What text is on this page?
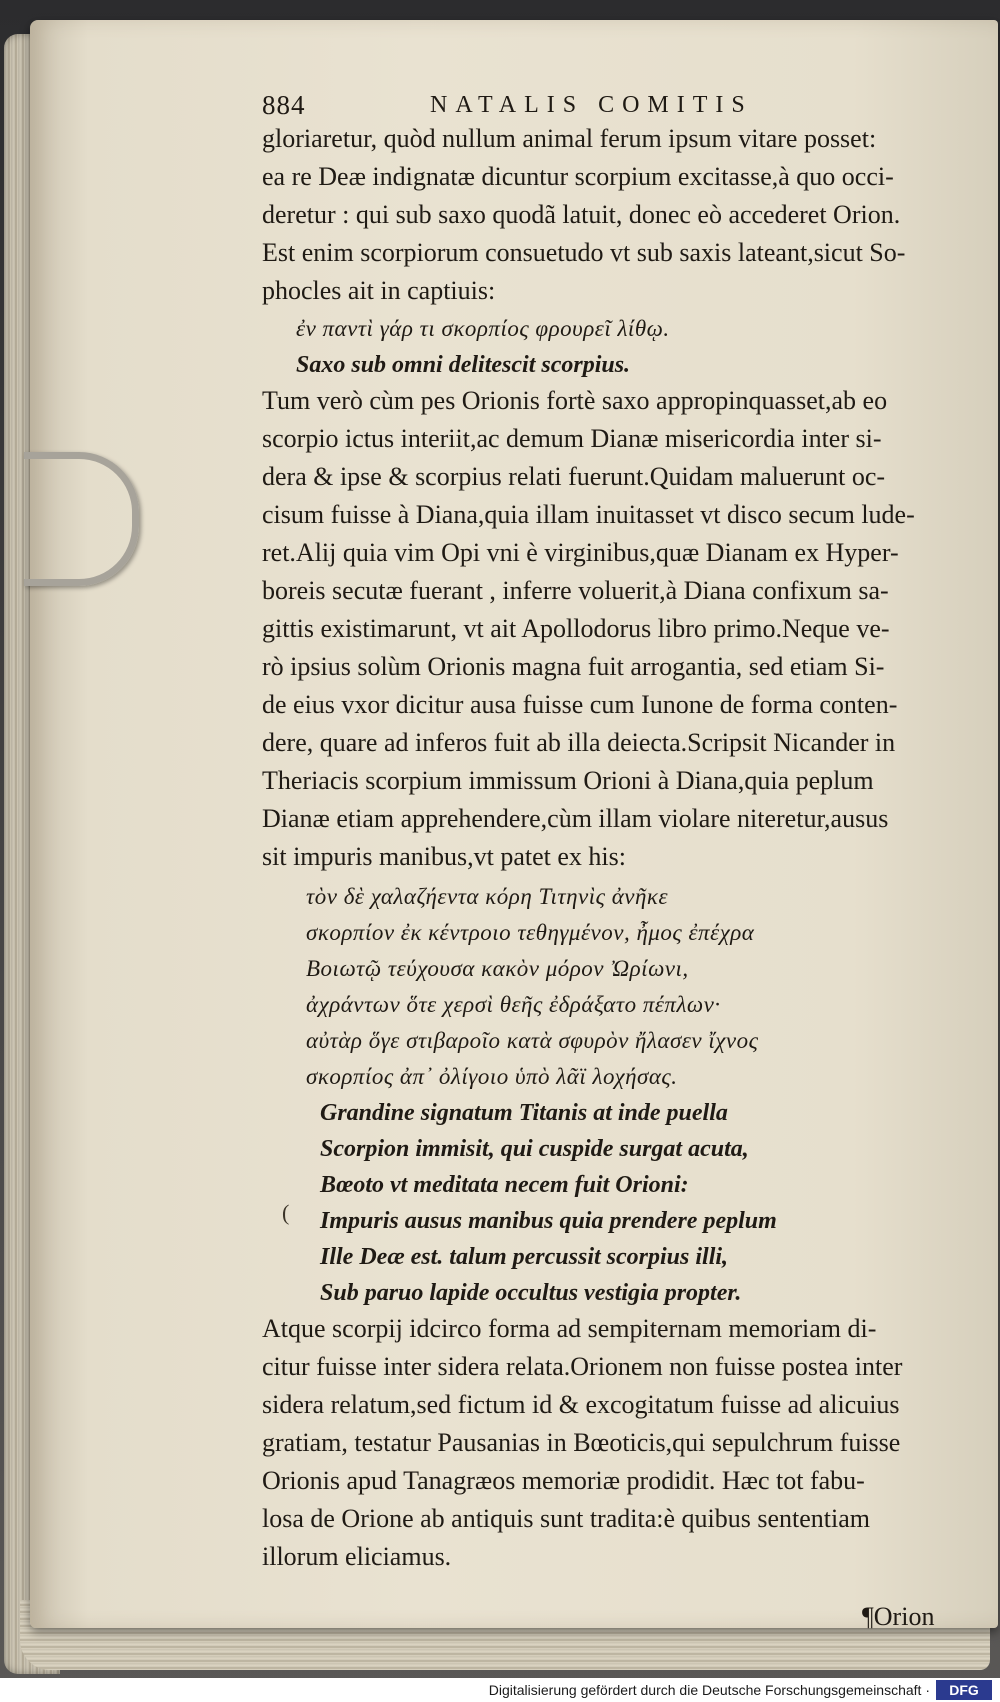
884	NATALIS COMITIS
gloriaretur, quòd nullum animal ferum ipsum vitare posset:
ea re Deæ indignatæ dicuntur scorpium excitasse,à quo occi-
deretur : qui sub saxo quodã latuit, donec eò accederet Orion.
Est enim scorpiorum consuetudo vt sub saxis lateant,sicut So-
phocles ait in captiuis:
ἐν παντὶ γάρ τι σκορπίος φρουρεῖ λίθῳ.
Saxo sub omni delitescit scorpius.
Tum verò cùm pes Orionis fortè saxo appropinquasset,ab eo
scorpio ictus interiit,ac demum Dianæ misericordia inter si-
dera & ipse & scorpius relati fuerunt.Quidam maluerunt oc-
cisum fuisse à Diana,quia illam inuitasset vt disco secum lude-
ret.Alij quia vim Opi vni è virginibus,quæ Dianam ex Hyper-
boreis secutæ fuerant , inferre voluerit,à Diana confixum sa-
gittis existimarunt, vt ait Apollodorus libro primo.Neque ve-
rò ipsius solùm Orionis magna fuit arrogantia, sed etiam Si-
de eius vxor dicitur ausa fuisse cum Iunone de forma conten-
dere, quare ad inferos fuit ab illa deiecta.Scripsit Nicander in
Theriacis scorpium immissum Orioni à Diana,quia peplum
Dianæ etiam apprehendere,cùm illam violare niteretur,ausus
sit impuris manibus,vt patet ex his:
τὸν δὲ χαλαζήεντα κόρη Τιτηνὶς ἀνῆκε
σκορπίον ἐκ κέντροιο τεθηγμένον, ἦμος ἐπέχρα
Βοιωτῷ τεύχουσα κακὸν μόρον Ὠρίωνι,
ἀχράντων ὅτε χερσὶ θεῆς ἐδράξατο πέπλων·
αὐτὰρ ὅγε στιβαροῖο κατὰ σφυρὸν ἤλασεν ἴχνος
σκορπίος ἀπ᾽ ὀλίγοιο ὑπὸ λᾶϊ λοχήσας.
Grandine signatum Titanis at inde puella
Scorpion immisit, qui cuspide surgat acuta,
Bœoto vt meditata necem fuit Orioni:
Impuris ausus manibus quia prendere peplum
Ille Deæ est. talum percussit scorpius illi,
Sub paruo lapide occultus vestigia propter.
Atque scorpij idcirco forma ad sempiternam memoriam di-
citur fuisse inter sidera relata.Orionem non fuisse postea inter
sidera relatum,sed fictum id & excogitatum fuisse ad alicuius
gratiam, testatur Pausanias in Bœoticis,qui sepulchrum fuisse
Orionis apud Tanagræos memoriæ prodidit. Hæc tot fabu-
losa de Orione ab antiquis sunt tradita:è quibus sententiam
illorum eliciamus.
¶Orion
(
Digitalisierung gefördert durch die Deutsche Forschungsgemeinschaft ·	DFG
